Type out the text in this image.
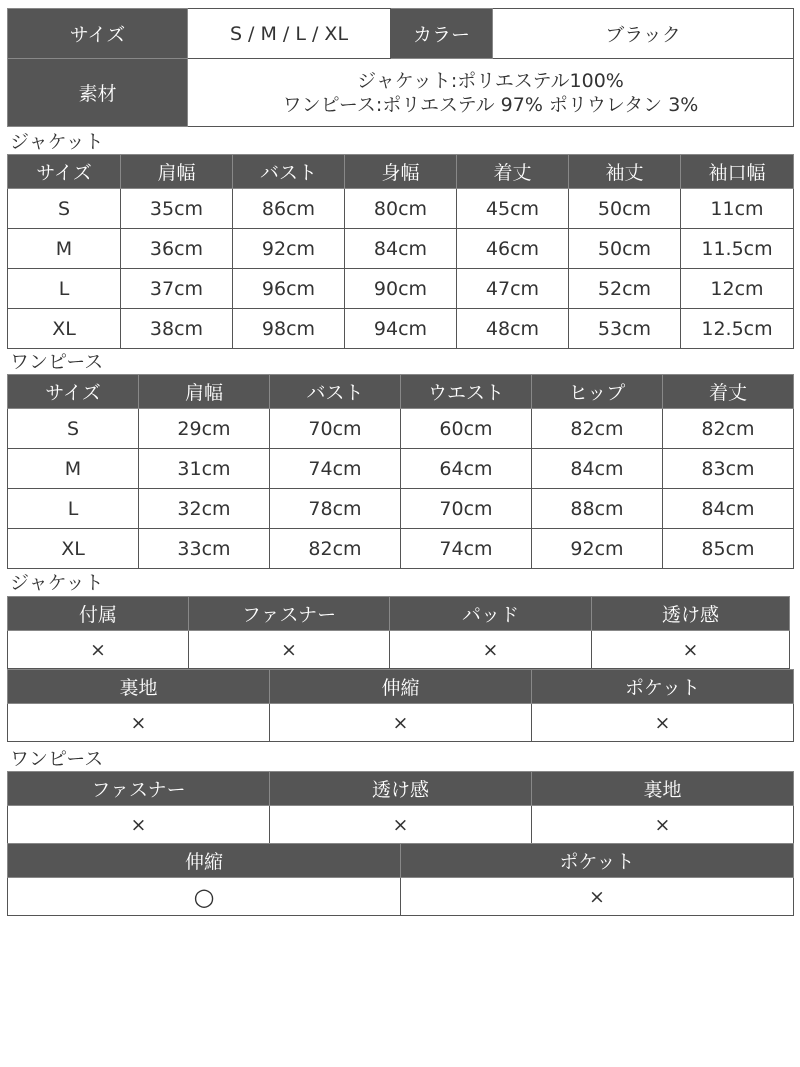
サイズ	S / M / L / XL	カラー	ブラック
素材	ジャケット:ポリエステル100%
ワンピース:ポリエステル 97% ポリウレタン 3%		
ジャケット
サイズ	肩幅	バスト	身幅	着丈	袖丈	袖口幅
S	35cm	86cm	80cm	45cm	50cm	11cm
M	36cm	92cm	84cm	46cm	50cm	11.5cm
L	37cm	96cm	90cm	47cm	52cm	12cm
XL	38cm	98cm	94cm	48cm	53cm	12.5cm
ワンピース
サイズ	肩幅	バスト	ウエスト	ヒップ	着丈
S	29cm	70cm	60cm	82cm	82cm
M	31cm	74cm	64cm	84cm	83cm
L	32cm	78cm	70cm	88cm	84cm
XL	33cm	82cm	74cm	92cm	85cm
ジャケット
付属	ファスナー	パッド	透け感
×	×	×	×
裏地	伸縮	ポケット
×	×	×
ワンピース
ファスナー	透け感	裏地
×	×	×
伸縮	ポケット
○	×
